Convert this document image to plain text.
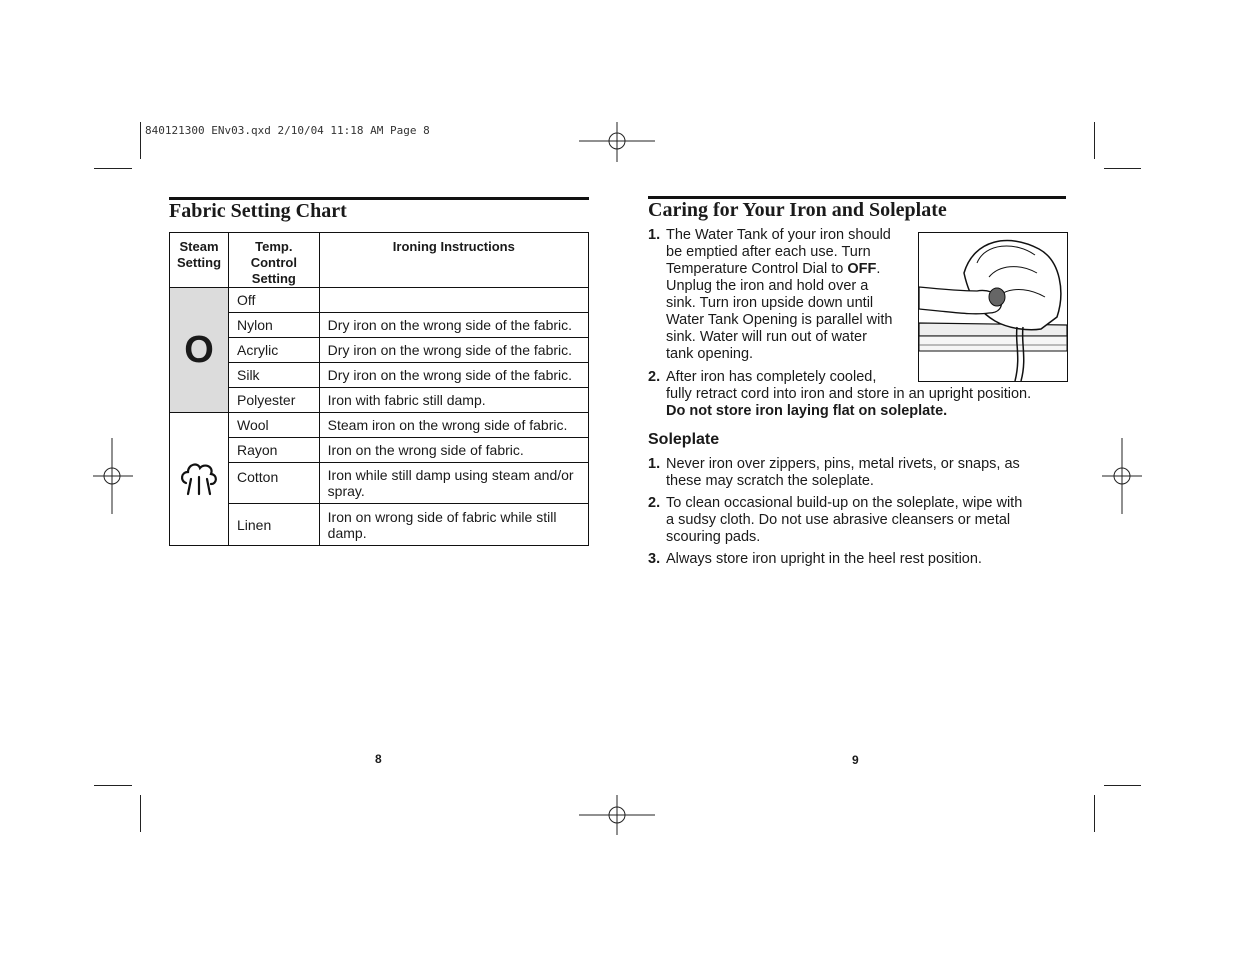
840121300 ENv03.qxd 2/10/04 11:18 AM Page 8
Fabric Setting Chart
Steam Setting	Temp. Control Setting	Ironing Instructions
O	Off	
	Nylon	Dry iron on the wrong side of the fabric.
	Acrylic	Dry iron on the wrong side of the fabric.
	Silk	Dry iron on the wrong side of the fabric.
	Polyester	Iron with fabric still damp.
	Wool	Steam iron on the wrong side of fabric.
	Rayon	Iron on the wrong side of fabric.
	Cotton	Iron while still damp using steam and/or spray.
	Linen	Iron on wrong side of fabric while still damp.
8
Caring for Your Iron and Soleplate
1. The Water Tank of your iron should
be emptied after each use. Turn
Temperature Control Dial to OFF.
Unplug the iron and hold over a
sink. Turn iron upside down until
Water Tank Opening is parallel with
sink. Water will run out of water
tank opening.
2. After iron has completely cooled,
fully retract cord into iron and store in an upright position.
Do not store iron laying flat on soleplate.
Soleplate
1. Never iron over zippers, pins, metal rivets, or snaps, as
these may scratch the soleplate.
2. To clean occasional build-up on the soleplate, wipe with
a sudsy cloth. Do not use abrasive cleansers or metal
scouring pads.
3. Always store iron upright in the heel rest position.
9
